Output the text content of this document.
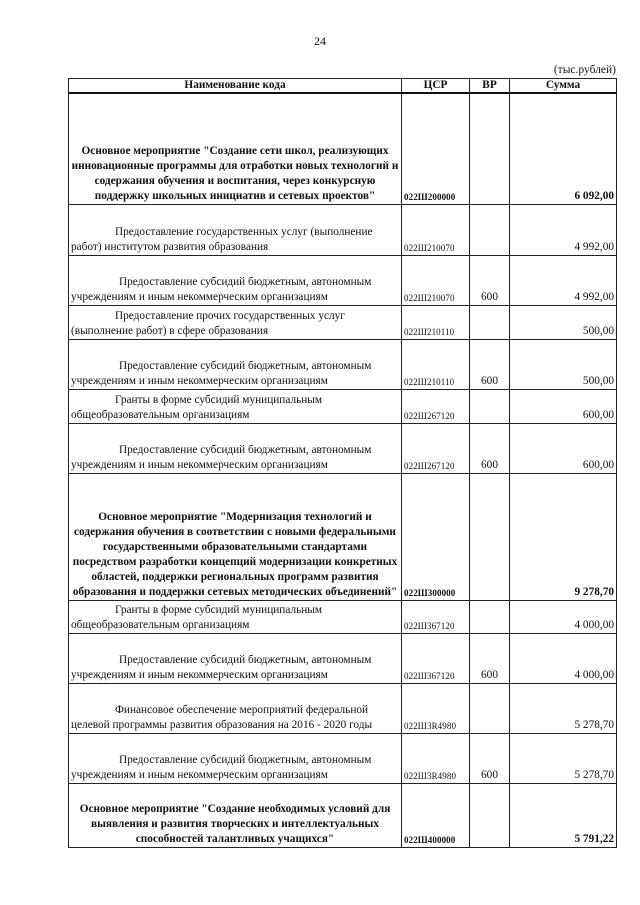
24
(тыс.рублей)
Наименование кода	ЦСР	ВР	Сумма
Основное мероприятие "Создание сети школ, реализующих инновационные программы для отработки новых технологий и содержания обучения и воспитания, через конкурсную поддержку школьных инициатив и сетевых проектов"	022Ш200000		6 092,00
Предоставление государственных услуг (выполнение работ) институтом развития образования	022Ш210070		4 992,00
Предоставление субсидий бюджетным, автономным учреждениям и иным некоммерческим организациям	022Ш210070	600	4 992,00
Предоставление прочих государственных услуг (выполнение работ) в сфере образования	022Ш210110		500,00
Предоставление субсидий бюджетным, автономным учреждениям и иным некоммерческим организациям	022Ш210110	600	500,00
Гранты в форме субсидий муниципальным общеобразовательным организациям	022Ш267120		600,00
Предоставление субсидий бюджетным, автономным учреждениям и иным некоммерческим организациям	022Ш267120	600	600,00
Основное мероприятие "Модернизация технологий и содержания обучения в соответствии с новыми федеральными государственными образовательными стандартами посредством разработки концепций модернизации конкретных областей, поддержки региональных программ развития образования и поддержки сетевых методических объединений"	022Ш300000		9 278,70
Гранты в форме субсидий муниципальным общеобразовательным организациям	022Ш367120		4 000,00
Предоставление субсидий бюджетным, автономным учреждениям и иным некоммерческим организациям	022Ш367120	600	4 000,00
Финансовое обеспечение мероприятий федеральной целевой программы развития образования на 2016 - 2020 годы	022Ш3R4980		5 278,70
Предоставление субсидий бюджетным, автономным учреждениям и иным некоммерческим организациям	022Ш3R4980	600	5 278,70
Основное мероприятие "Создание необходимых условий для выявления и развития творческих и интеллектуальных способностей талантливых учащихся"	022Ш400000		5 791,22
